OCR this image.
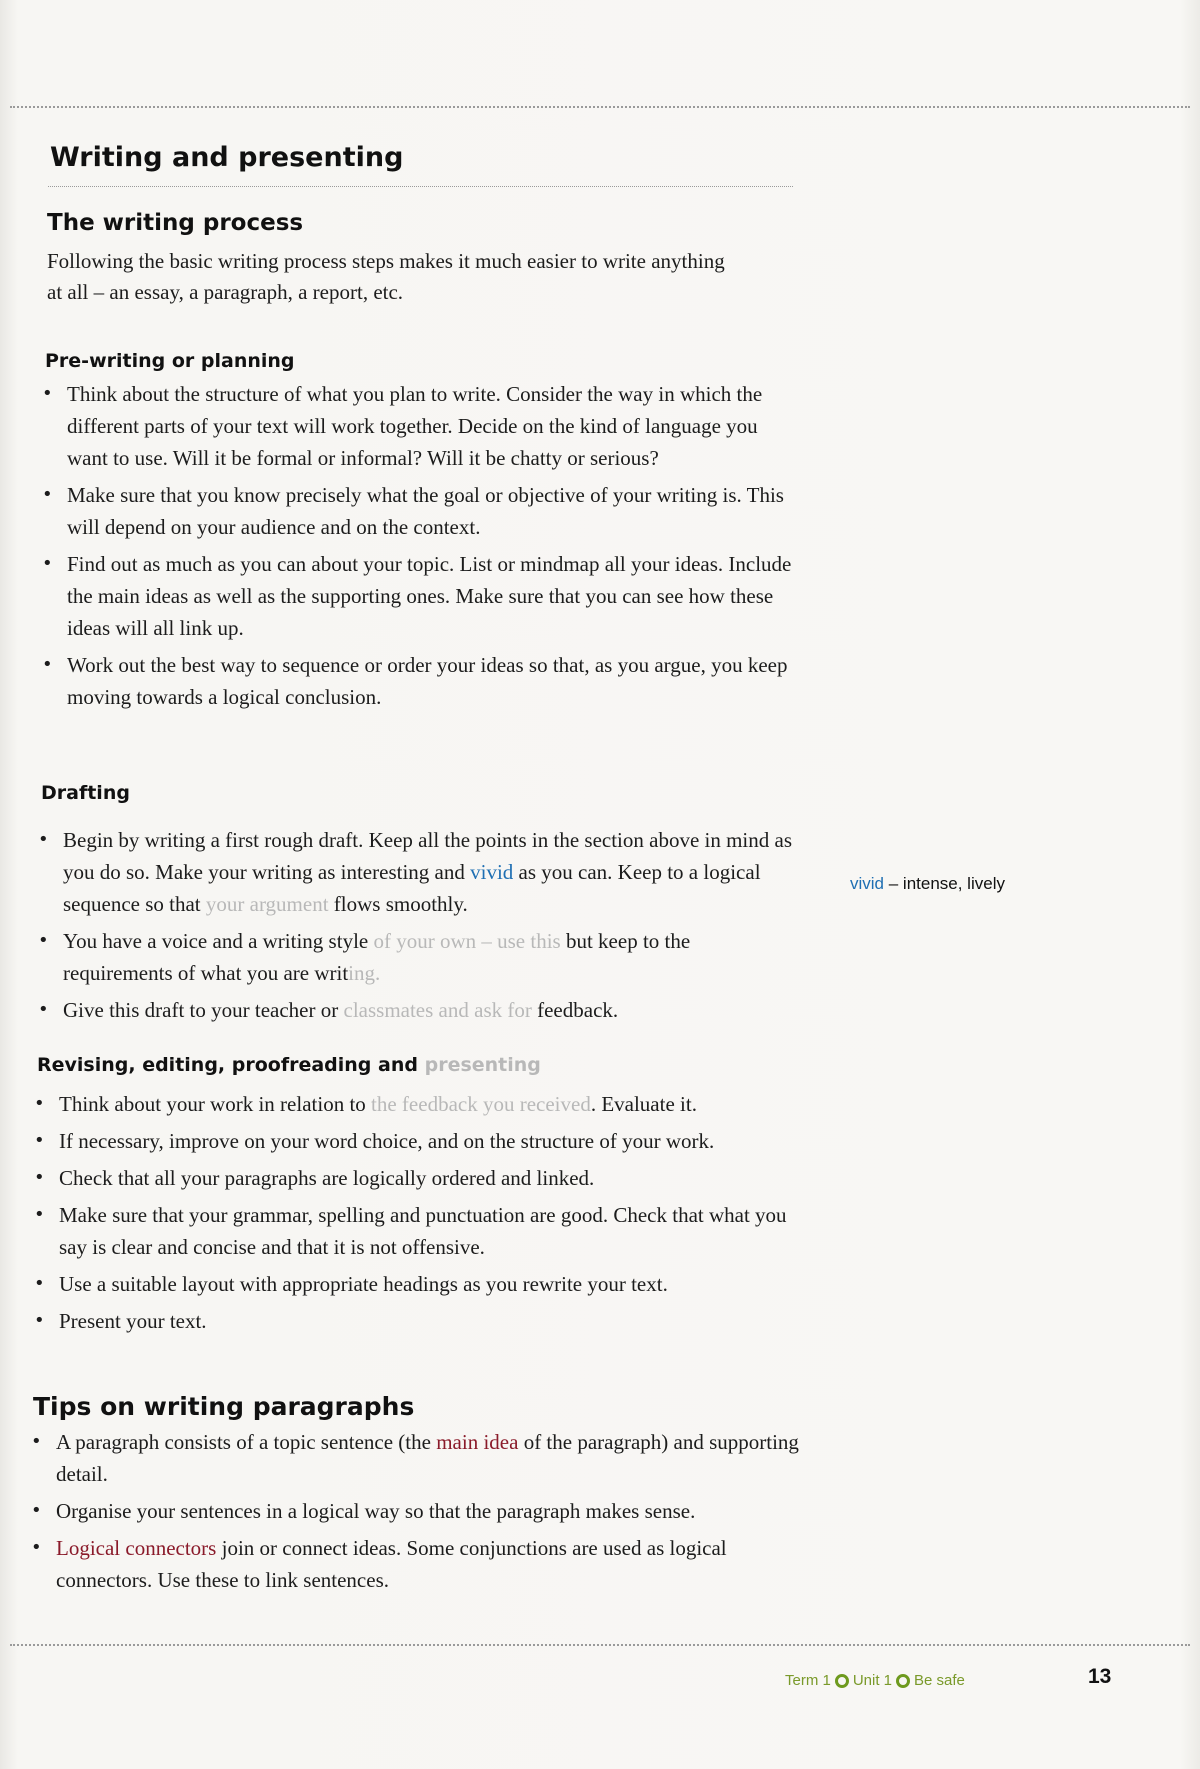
Writing and presenting
The writing process

Following the basic writing process steps makes it much easier to write anything at all – an essay, a paragraph, a report, etc.

Pre-writing or planning
• Think about the structure of what you plan to write. Consider the way in which the different parts of your text will work together. Decide on the kind of language you want to use. Will it be formal or informal? Will it be chatty or serious?
• Make sure that you know precisely what the goal or objective of your writing is. This will depend on your audience and on the context.
• Find out as much as you can about your topic. List or mindmap all your ideas. Include the main ideas as well as the supporting ones. Make sure that you can see how these ideas will all link up.
• Work out the best way to sequence or order your ideas so that, as you argue, you keep moving towards a logical conclusion.
Drafting
• Begin by writing a first rough draft. Keep all the points in the section above in mind as you do so. Make your writing as interesting and vivid as you can. Keep to a logical sequence so that your argument flows smoothly.
• You have a voice and a writing style of your own – use this but keep to the requirements of what you are writing.
• Give this draft to your teacher or classmates and ask for feedback.
Revising, editing, proofreading and presenting
• Think about your work in relation to the feedback you received. Evaluate it.
• If necessary, improve on your word choice, and on the structure of your work.
• Check that all your paragraphs are logically ordered and linked.
• Make sure that your grammar, spelling and punctuation are good. Check that what you say is clear and concise and that it is not offensive.
• Use a suitable layout with appropriate headings as you rewrite your text.
• Present your text.
Tips on writing paragraphs
• A paragraph consists of a topic sentence (the main idea of the paragraph) and supporting detail.
• Organise your sentences in a logical way so that the paragraph makes sense.
• Logical connectors join or connect ideas. Some conjunctions are used as logical connectors. Use these to link sentences.
vivid – intense, lively
Term 1 Unit 1 Be safe	13
